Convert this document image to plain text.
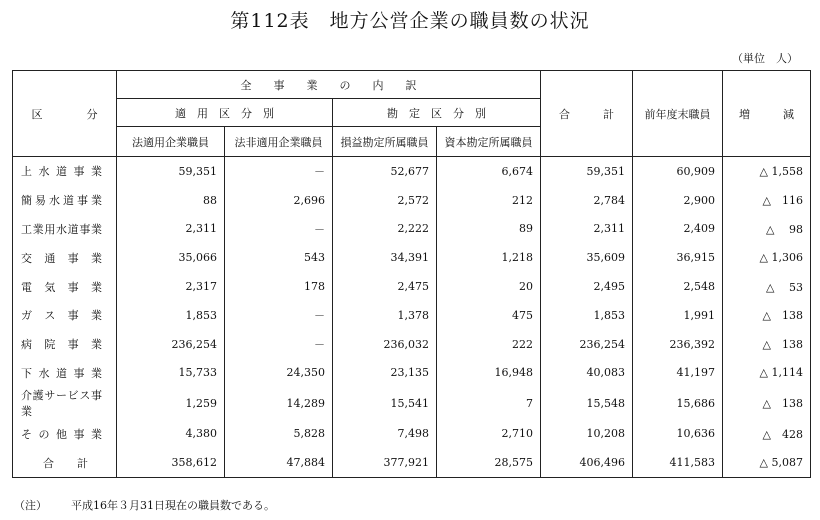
第112表　地方公営企業の職員数の状況
（単位　人）
区　　　　分	全　　事　　業　　の　　内　　訳				合　　　計	前年度末職員	増　　　減
	適　用　区　分　別		勘　定　区　分　別				
	法適用企業職員	法非適用企業職員	損益勘定所属職員	資本勘定所属職員			
上水道事業	59,351	－	52,677	6,674	59,351	60,909	△ 1,558
簡易水道事業	88	2,696	2,572	212	2,784	2,900	△　116
工業用水道事業	2,311	－	2,222	89	2,311	2,409	△　 98
交通事業	35,066	543	34,391	1,218	35,609	36,915	△ 1,306
電気事業	2,317	178	2,475	20	2,495	2,548	△　 53
ガス事業	1,853	－	1,378	475	1,853	1,991	△　138
病院事業	236,254	－	236,032	222	236,254	236,392	△　138
下水道事業	15,733	24,350	23,135	16,948	40,083	41,197	△ 1,114
介護サービス事業	1,259	14,289	15,541	7	15,548	15,686	△　138
その他事業	4,380	5,828	7,498	2,710	10,208	10,636	△　428
合計	358,612	47,884	377,921	28,575	406,496	411,583	△ 5,087
（注） 平成16年３月31日現在の職員数である。
